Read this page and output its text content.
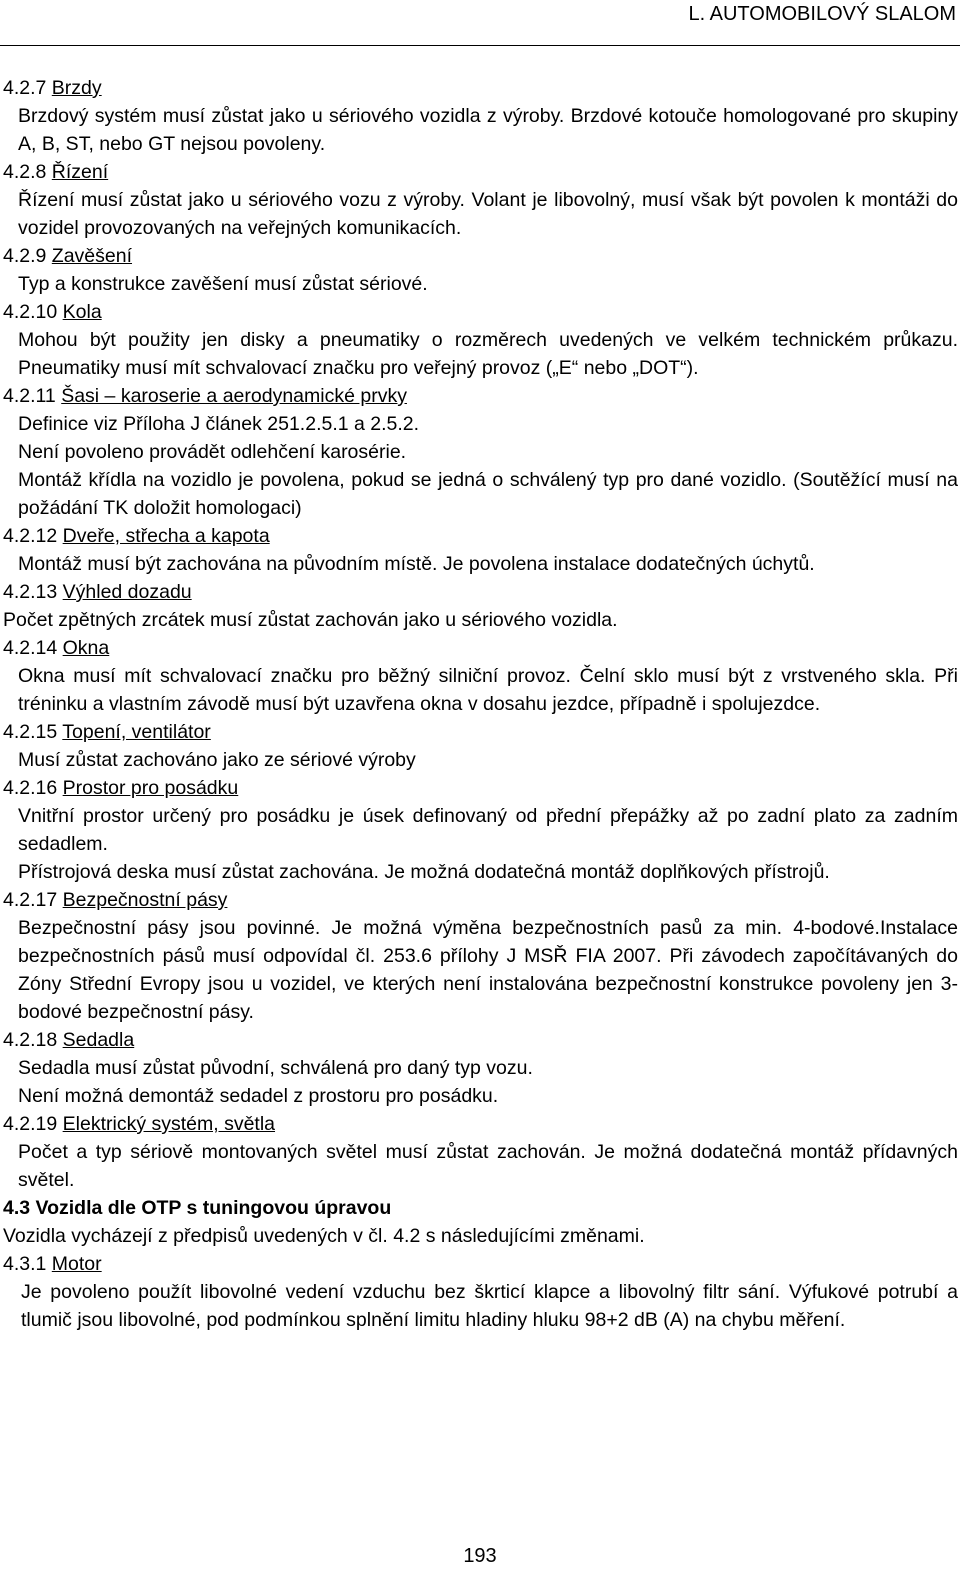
L. AUTOMOBILOVÝ SLALOM

4.2.7 Brzdy

Brzdový systém musí zůstat jako u sériového vozidla z výroby. Brzdové kotouče homologované pro skupiny A, B, ST, nebo GT nejsou povoleny.

4.2.8 Řízení

Řízení musí zůstat jako u sériového vozu z výroby. Volant je libovolný, musí však být povolen k montáži do vozidel provozovaných na veřejných komunikacích.

4.2.9 Zavěšení

Typ a konstrukce zavěšení musí zůstat sériové.

4.2.10 Kola

Mohou být použity jen disky a pneumatiky o rozměrech uvedených ve velkém technickém průkazu. Pneumatiky musí mít schvalovací značku pro veřejný provoz („E“ nebo „DOT“).

4.2.11 Šasi – karoserie a aerodynamické prvky

Definice viz Příloha J článek 251.2.5.1 a 2.5.2.

Není povoleno provádět odlehčení karosérie.

Montáž křídla na vozidlo je povolena, pokud se jedná o schválený typ pro dané vozidlo. (Soutěžící musí na požádání TK doložit homologaci)

4.2.12 Dveře, střecha a kapota

Montáž musí být zachována na původním místě. Je povolena instalace dodatečných úchytů.

4.2.13 Výhled dozadu

Počet zpětných zrcátek musí zůstat zachován jako u sériového vozidla.

4.2.14 Okna

Okna musí mít schvalovací značku pro běžný silniční provoz. Čelní sklo musí být z vrstveného skla. Při tréninku a vlastním závodě musí být uzavřena okna v dosahu jezdce, případně i spolujezdce.

4.2.15 Topení, ventilátor

Musí zůstat zachováno jako ze sériové výroby

4.2.16 Prostor pro posádku

Vnitřní prostor určený pro posádku je úsek definovaný od přední přepážky až po zadní plato za zadním sedadlem.

Přístrojová deska musí zůstat zachována. Je možná dodatečná montáž doplňkových přístrojů.

4.2.17 Bezpečnostní pásy

Bezpečnostní pásy jsou povinné. Je možná výměna bezpečnostních pasů za min. 4-bodové.Instalace bezpečnostních pásů musí odpovídal čl. 253.6 přílohy J MSŘ FIA 2007. Při závodech započítávaných do Zóny Střední Evropy jsou u vozidel, ve kterých není instalována bezpečnostní konstrukce povoleny jen 3-bodové bezpečnostní pásy.

4.2.18 Sedadla

Sedadla musí zůstat původní, schválená pro daný typ vozu.

Není možná demontáž sedadel z prostoru pro posádku.

4.2.19 Elektrický systém, světla

Počet a typ sériově montovaných světel musí zůstat zachován. Je možná dodatečná montáž přídavných světel.

4.3 Vozidla dle OTP s tuningovou úpravou

Vozidla vycházejí z předpisů uvedených v čl. 4.2 s následujícími změnami.

4.3.1 Motor

Je povoleno použít libovolné vedení vzduchu bez škrticí klapce a libovolný filtr sání. Výfukové potrubí a tlumič jsou libovolné, pod podmínkou splnění limitu hladiny hluku 98+2 dB (A) na chybu měření.

193
